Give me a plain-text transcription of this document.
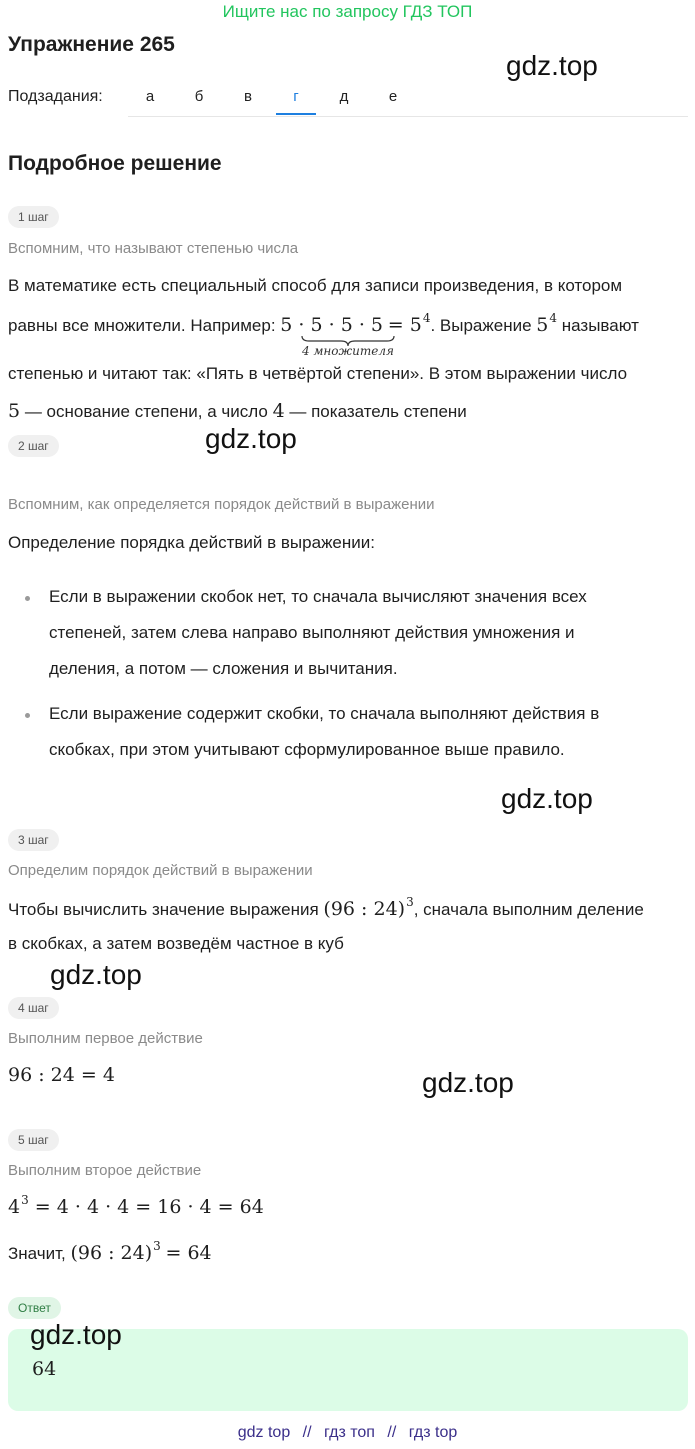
Ищите нас по запросу ГДЗ ТОП
Упражнение 265
gdz.top
Подзадания:	а	б	в	г	д	е
Подробное решение
1 шаг
Вспомним, что называют степенью числа
В математике есть специальный способ для записи произведения, в котором
равны все множители. Например: $5 \cdot 5 \cdot 5 \cdot 5 = 5^4$. Выражение $5^4$ называют
4 множителя
степенью и читают так: «Пять в четвёртой степени». В этом выражении число
5 — основание степени, а число 4 — показатель степени
gdz.top
2 шаг
Вспомним, как определяется порядок действий в выражении
Определение порядка действий в выражении:
Если в выражении скобок нет, то сначала вычисляют значения всех
степеней, затем слева направо выполняют действия умножения и
деления, а потом — сложения и вычитания.
Если выражение содержит скобки, то сначала выполняют действия в
скобках, при этом учитывают сформулированное выше правило.
gdz.top
3 шаг
Определим порядок действий в выражении
Чтобы вычислить значение выражения (96 : 24)$^3$, сначала выполним деление
в скобках, а затем возведём частное в куб
gdz.top
4 шаг
Выполним первое действие
96 : 24 = 4	gdz.top
5 шаг
Выполним второе действие
$4^3 = 4 \cdot 4 \cdot 4 = 16 \cdot 4 = 64$
Значит, (96 : 24)$^3$ = 64
Ответ
gdz.top
64
gdz top // гдз топ // гдз top
